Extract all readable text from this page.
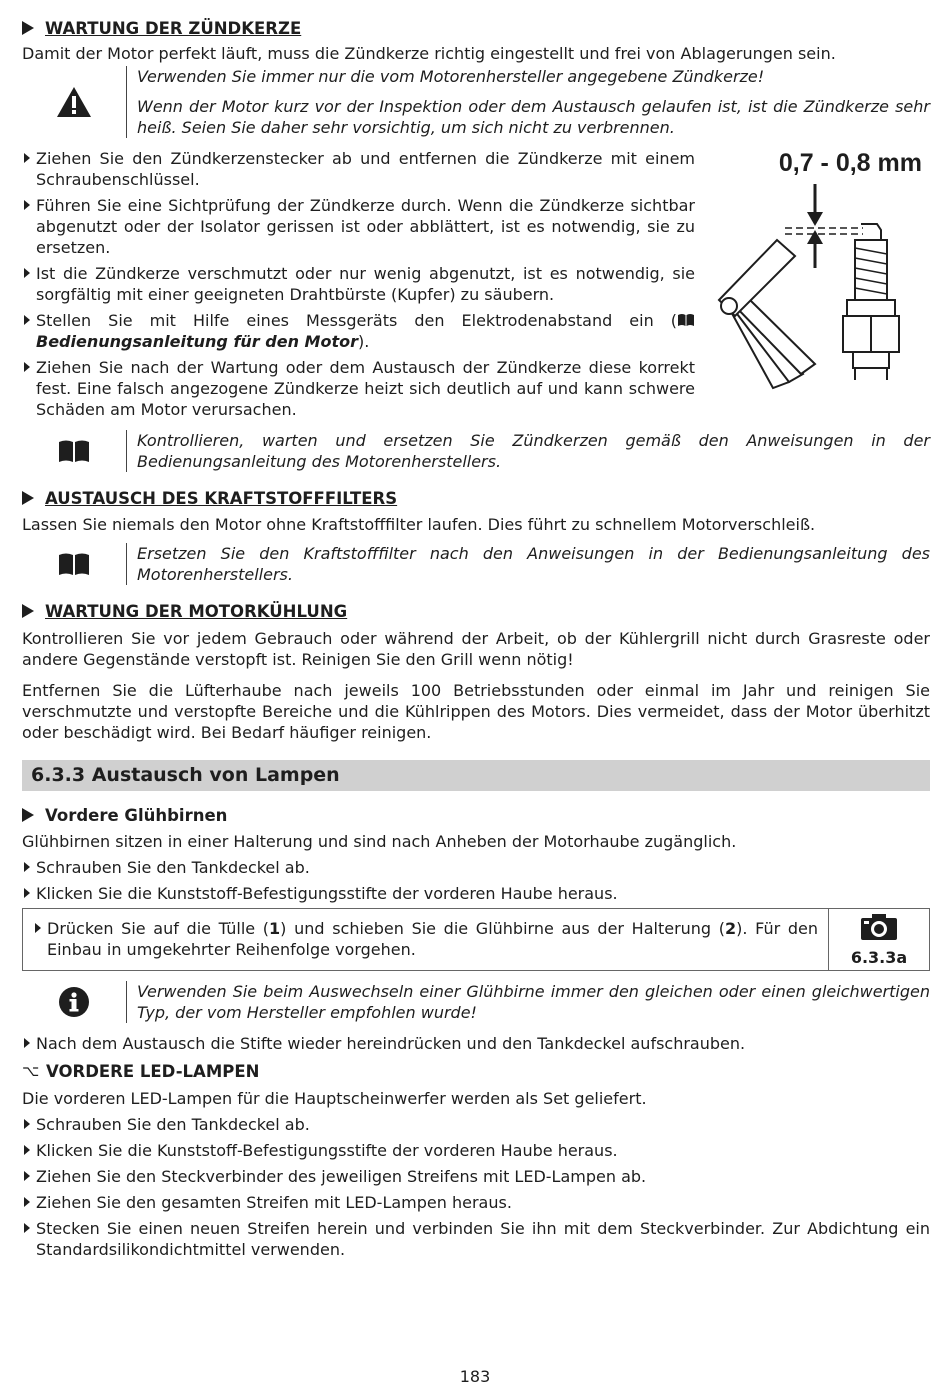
WARTUNG DER ZÜNDKERZE

Damit der Motor perfekt läuft, muss die Zündkerze richtig eingestellt und frei von Ablagerungen sein.

Verwenden Sie immer nur die vom Motorenhersteller angegebene Zündkerze!

Wenn der Motor kurz vor der Inspektion oder dem Austausch gelaufen ist, ist die Zündkerze sehr heiß. Seien Sie daher sehr vorsichtig, um sich nicht zu verbrennen.

Ziehen Sie den Zündkerzenstecker ab und entfernen die Zündkerze mit einem Schraubenschlüssel.
Führen Sie eine Sichtprüfung der Zündkerze durch. Wenn die Zündkerze sichtbar abgenutzt oder der Isolator gerissen ist oder abblättert, ist es notwendig, sie zu ersetzen.
Ist die Zündkerze verschmutzt oder nur wenig abgenutzt, ist es notwendig, sie sorgfältig mit einer geeigneten Drahtbürste (Kupfer) zu säubern.
Stellen Sie mit Hilfe eines Messgeräts den Elektrodenabstand ein (Bedienungsanleitung für den Motor).
Ziehen Sie nach der Wartung oder dem Austausch der Zündkerze diese korrekt fest. Eine falsch angezogene Zündkerze heizt sich deutlich auf und kann schwere Schäden am Motor verursachen.
0,7 - 0,8 mm

Kontrollieren, warten und ersetzen Sie Zündkerzen gemäß den Anweisungen in der Bedienungsanleitung des Motorenherstellers.

AUSTAUSCH DES KRAFTSTOFFFILTERS

Lassen Sie niemals den Motor ohne Kraftstofffilter laufen. Dies führt zu schnellem Motorverschleiß.

Ersetzen Sie den Kraftstofffilter nach den Anweisungen in der Bedienungsanleitung des Motorenherstellers.

WARTUNG DER MOTORKÜHLUNG

Kontrollieren Sie vor jedem Gebrauch oder während der Arbeit, ob der Kühlergrill nicht durch Grasreste oder andere Gegenstände verstopft ist. Reinigen Sie den Grill wenn nötig!

Entfernen Sie die Lüfterhaube nach jeweils 100 Betriebsstunden oder einmal im Jahr und reinigen Sie verschmutzte und verstopfte Bereiche und die Kühlrippen des Motors. Dies vermeidet, dass der Motor überhitzt oder beschädigt wird. Bei Bedarf häufiger reinigen.

6.3.3 Austausch von Lampen
Vordere Glühbirnen

Glühbirnen sitzen in einer Halterung und sind nach Anheben der Motorhaube zugänglich.

Schrauben Sie den Tankdeckel ab.
Klicken Sie die Kunststoff-Befestigungsstifte der vorderen Haube heraus.
Drücken Sie auf die Tülle (1) und schieben Sie die Glühbirne aus der Halterung (2). Für den Einbau in umgekehrter Reihenfolge vorgehen.	6.3.3a

Verwenden Sie beim Auswechseln einer Glühbirne immer den gleichen oder einen gleichwertigen Typ, der vom Hersteller empfohlen wurde!

Nach dem Austausch die Stifte wieder hereindrücken und den Tankdeckel aufschrauben.
⌥ VORDERE LED-LAMPEN

Die vorderen LED-Lampen für die Hauptscheinwerfer werden als Set geliefert.

Schrauben Sie den Tankdeckel ab.
Klicken Sie die Kunststoff-Befestigungsstifte der vorderen Haube heraus.
Ziehen Sie den Steckverbinder des jeweiligen Streifens mit LED-Lampen ab.
Ziehen Sie den gesamten Streifen mit LED-Lampen heraus.
Stecken Sie einen neuen Streifen herein und verbinden Sie ihn mit dem Steckverbinder. Zur Abdichtung ein Standardsilikondichtmittel verwenden.
183
